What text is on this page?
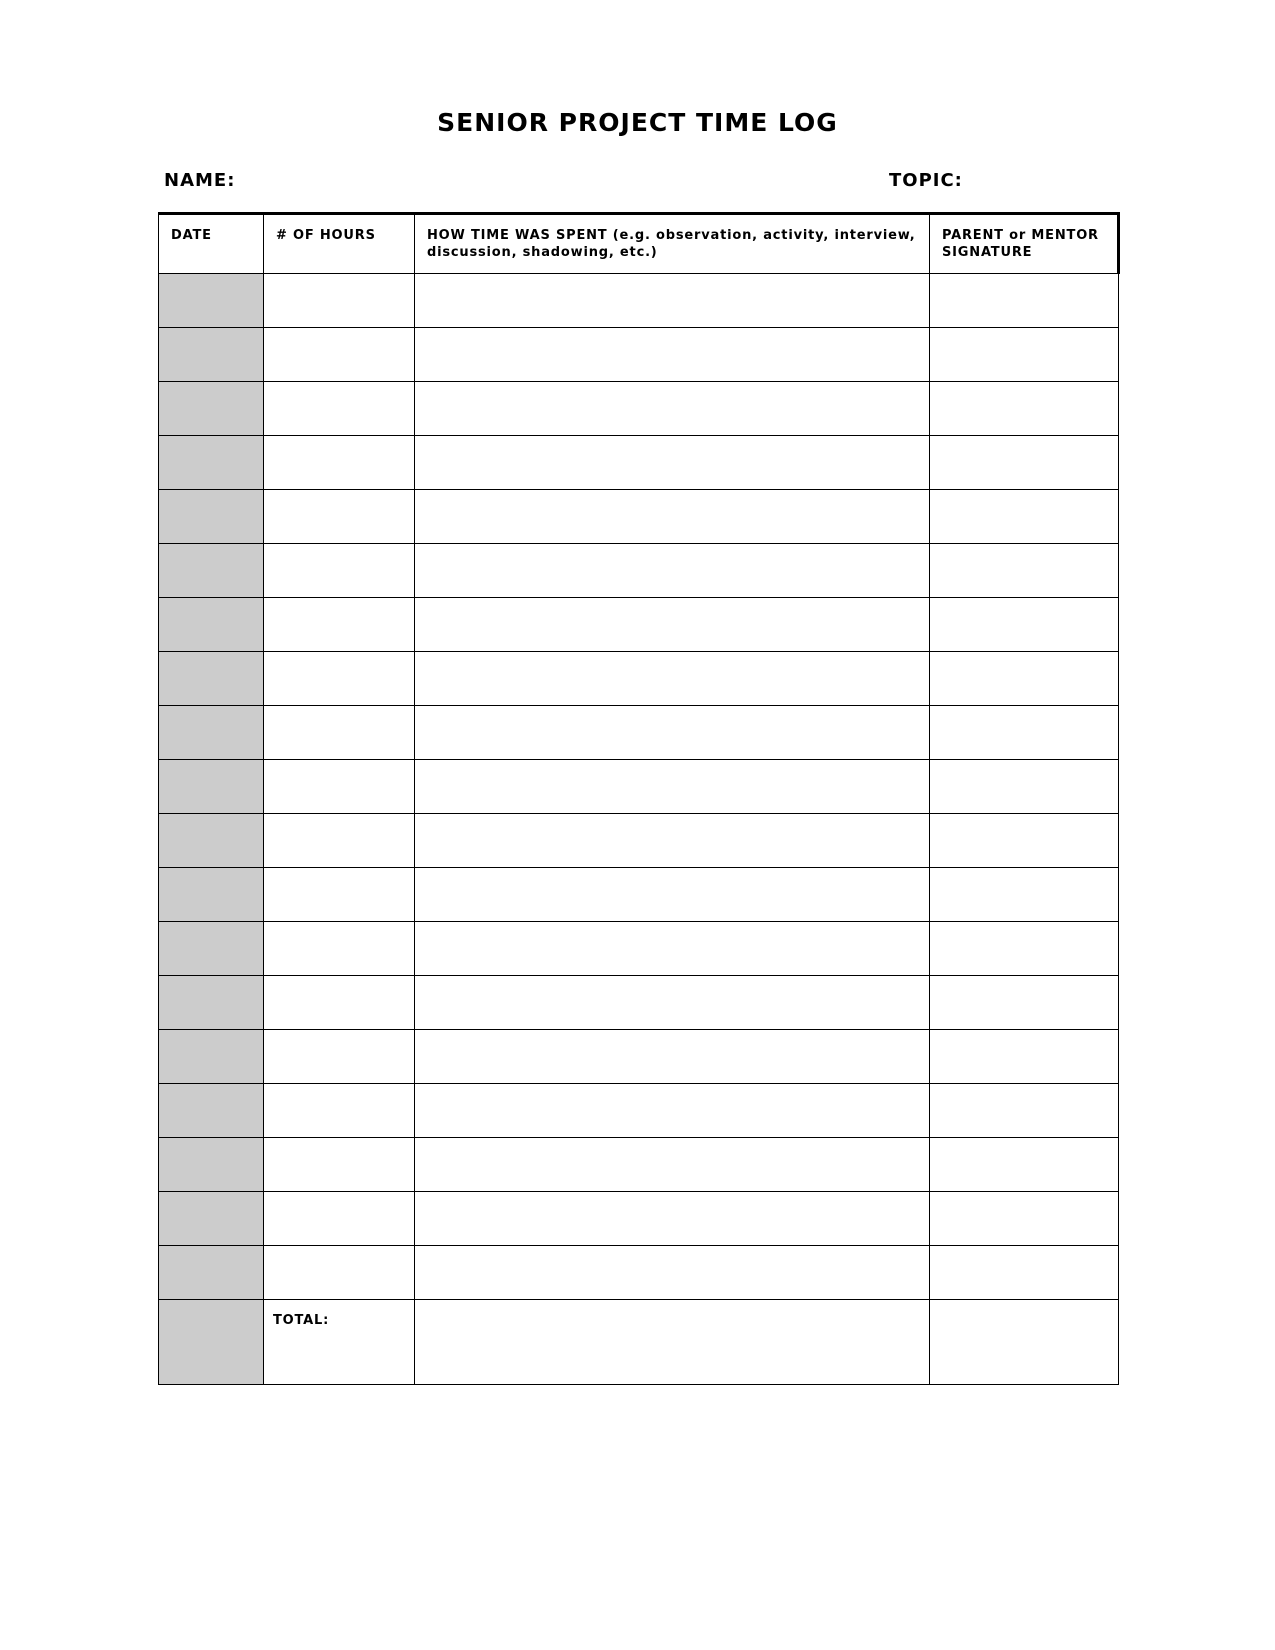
SENIOR PROJECT TIME LOG
NAME:	TOPIC:
DATE	# OF HOURS	HOW TIME WAS SPENT (e.g. observation, activity, interview, discussion, shadowing, etc.)	PARENT or MENTOR SIGNATURE

	TOTAL:		
